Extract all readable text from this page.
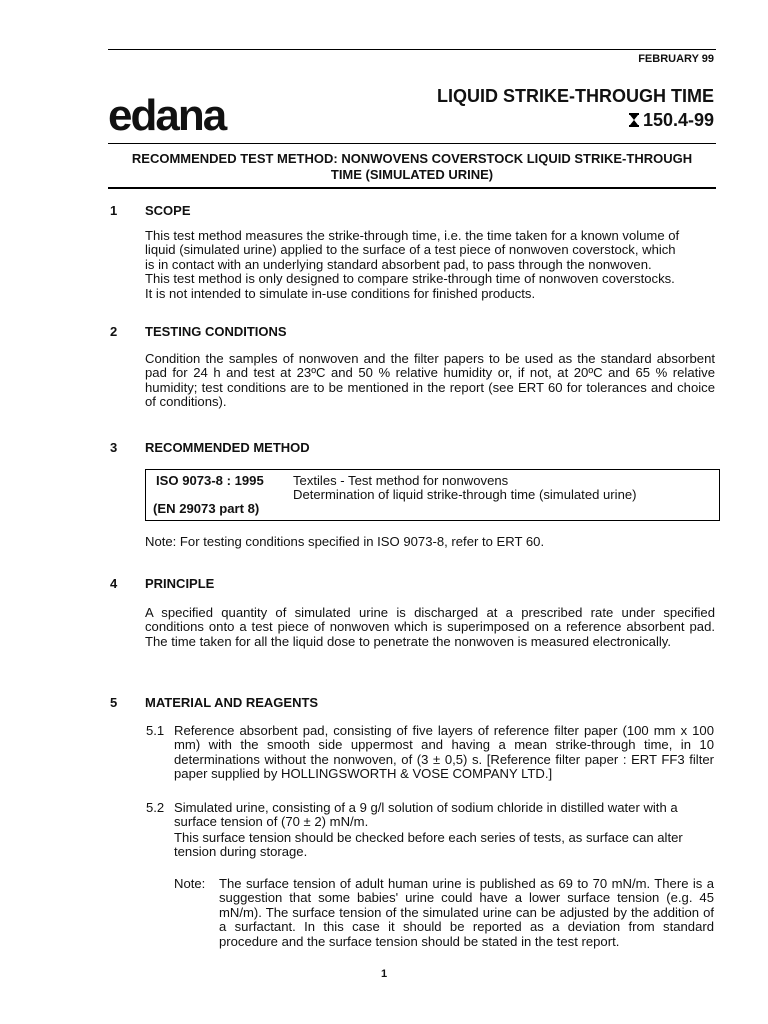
FEBRUARY 99
edana	LIQUID STRIKE-THROUGH TIME
150.4-99
RECOMMENDED TEST METHOD: NONWOVENS COVERSTOCK LIQUID STRIKE-THROUGH
TIME (SIMULATED URINE)
1 SCOPE
This test method measures the strike-through time, i.e. the time taken for a known volume of
liquid (simulated urine) applied to the surface of a test piece of nonwoven coverstock, which
is in contact with an underlying standard absorbent pad, to pass through the nonwoven.
This test method is only designed to compare strike-through time of nonwoven coverstocks.
It is not intended to simulate in-use conditions for finished products.
2 TESTING CONDITIONS
Condition the samples of nonwoven and the filter papers to be used as the standard absorbent pad for 24 h and test at 23ºC and 50 % relative humidity or, if not, at 20ºC and 65 % relative humidity; test conditions are to be mentioned in the report (see ERT 60 for tolerances and choice of conditions).
3 RECOMMENDED METHOD
ISO 9073-8 : 1995
(EN 29073 part 8)
Textiles - Test method for nonwovens
Determination of liquid strike-through time (simulated urine)
Note: For testing conditions specified in ISO 9073-8, refer to ERT 60.
4 PRINCIPLE
A specified quantity of simulated urine is discharged at a prescribed rate under specified conditions onto a test piece of nonwoven which is superimposed on a reference absorbent pad. The time taken for all the liquid dose to penetrate the nonwoven is measured electronically.
5 MATERIAL AND REAGENTS
5.1 Reference absorbent pad, consisting of five layers of reference filter paper (100 mm x 100 mm) with the smooth side uppermost and having a mean strike-through time, in 10 determinations without the nonwoven, of (3 ± 0,5) s. [Reference filter paper : ERT FF3 filter paper supplied by HOLLINGSWORTH & VOSE COMPANY LTD.]
5.2 Simulated urine, consisting of a 9 g/l solution of sodium chloride in distilled water with a surface tension of (70 ± 2) mN/m.
This surface tension should be checked before each series of tests, as surface can alter tension during storage.
Note: The surface tension of adult human urine is published as 69 to 70 mN/m. There is a suggestion that some babies' urine could have a lower surface tension (e.g. 45 mN/m). The surface tension of the simulated urine can be adjusted by the addition of a surfactant. In this case it should be reported as a deviation from standard procedure and the surface tension should be stated in the test report.
1
